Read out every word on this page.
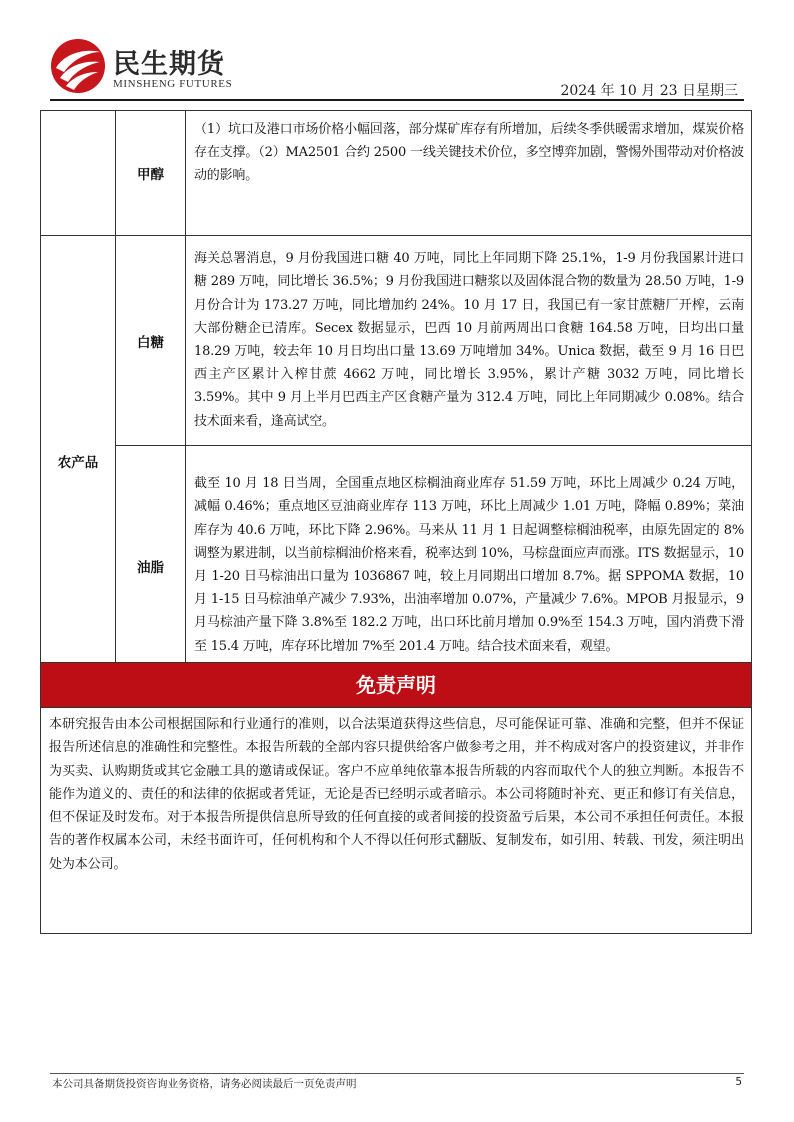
民生期货
MINSHENG FUTURES	2024 年 10 月 23 日星期三
	甲醇	（1）坑口及港口市场价格小幅回落，部分煤矿库存有所增加，后续冬季供暖需求增加，煤炭价格存在支撑。（2）MA2501 合约 2500 一线关键技术价位，多空博弈加剧，警惕外围带动对价格波动的影响。
农产品	白糖	海关总署消息，9 月份我国进口糖 40 万吨，同比上年同期下降 25.1%，1-9 月份我国累计进口糖 289 万吨，同比增长 36.5%；9 月份我国进口糖浆以及固体混合物的数量为 28.50 万吨，1-9 月份合计为 173.27 万吨，同比增加约 24%。10 月 17 日，我国已有一家甘蔗糖厂开榨，云南大部份糖企已清库。Secex 数据显示，巴西 10 月前两周出口食糖 164.58 万吨，日均出口量 18.29 万吨，较去年 10 月日均出口量 13.69 万吨增加 34%。Unica 数据，截至 9 月 16 日巴西主产区累计入榨甘蔗 4662 万吨，同比增长 3.95%，累计产糖 3032 万吨，同比增长 3.59%。其中 9 月上半月巴西主产区食糖产量为 312.4 万吨，同比上年同期减少 0.08%。结合技术面来看，逢高试空。
	油脂	截至 10 月 18 日当周，全国重点地区棕榈油商业库存 51.59 万吨，环比上周减少 0.24 万吨，减幅 0.46%；重点地区豆油商业库存 113 万吨，环比上周减少 1.01 万吨，降幅 0.89%；菜油库存为 40.6 万吨，环比下降 2.96%。马来从 11 月 1 日起调整棕榈油税率，由原先固定的 8%调整为累进制，以当前棕榈油价格来看，税率达到 10%，马棕盘面应声而涨。ITS 数据显示，10 月 1-20 日马棕油出口量为 1036867 吨，较上月同期出口增加 8.7%。据 SPPOMA 数据，10 月 1-15 日马棕油单产减少 7.93%，出油率增加 0.07%，产量减少 7.6%。MPOB 月报显示，9 月马棕油产量下降 3.8%至 182.2 万吨，出口环比前月增加 0.9%至 154.3 万吨，国内消费下滑至 15.4 万吨，库存环比增加 7%至 201.4 万吨。结合技术面来看，观望。
免责声明
本研究报告由本公司根据国际和行业通行的准则，以合法渠道获得这些信息，尽可能保证可靠、准确和完整，但并不保证报告所述信息的准确性和完整性。本报告所载的全部内容只提供给客户做参考之用，并不构成对客户的投资建议，并非作为买卖、认购期货或其它金融工具的邀请或保证。客户不应单纯依靠本报告所载的内容而取代个人的独立判断。本报告不能作为道义的、责任的和法律的依据或者凭证，无论是否已经明示或者暗示。本公司将随时补充、更正和修订有关信息，但不保证及时发布。对于本报告所提供信息所导致的任何直接的或者间接的投资盈亏后果，本公司不承担任何责任。本报告的著作权属本公司，未经书面许可，任何机构和个人不得以任何形式翻版、复制发布，如引用、转载、刊发，须注明出处为本公司。
本公司具备期货投资咨询业务资格，请务必阅读最后一页免责声明	5
